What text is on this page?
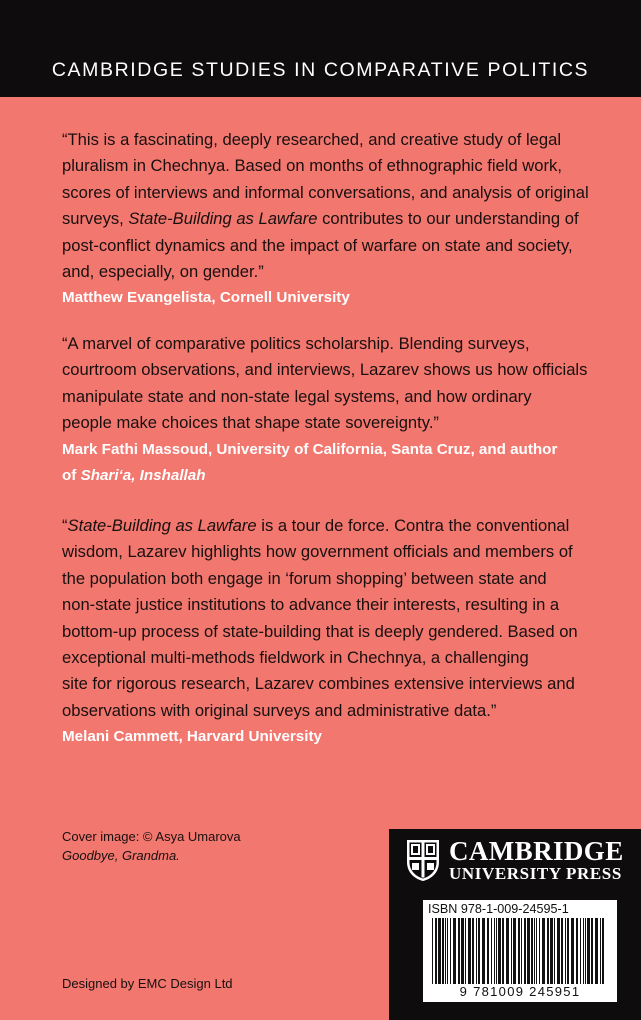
CAMBRIDGE STUDIES IN COMPARATIVE POLITICS

“This is a fascinating, deeply researched, and creative study of legal

pluralism in Chechnya. Based on months of ethnographic field work,

scores of interviews and informal conversations, and analysis of original

surveys, State-Building as Lawfare contributes to our understanding of

post-conflict dynamics and the impact of warfare on state and society,

and, especially, on gender.”

Matthew Evangelista, Cornell University

“A marvel of comparative politics scholarship. Blending surveys,

courtroom observations, and interviews, Lazarev shows us how officials

manipulate state and non-state legal systems, and how ordinary

people make choices that shape state sovereignty.”

Mark Fathi Massoud, University of California, Santa Cruz, and author
of Shari‘a, Inshallah

“State-Building as Lawfare is a tour de force. Contra the conventional

wisdom, Lazarev highlights how government officials and members of

the population both engage in ‘forum shopping’ between state and

non-state justice institutions to advance their interests, resulting in a

bottom-up process of state-building that is deeply gendered. Based on

exceptional multi-methods fieldwork in Chechnya, a challenging

site for rigorous research, Lazarev combines extensive interviews and

observations with original surveys and administrative data.”

Melani Cammett, Harvard University
Cover image: © Asya Umarova
Goodbye, Grandma.
Designed by EMC Design Ltd
CAMBRIDGE
UNIVERSITY PRESS
ISBN 978-1-009-24595-1
9 781009 245951
